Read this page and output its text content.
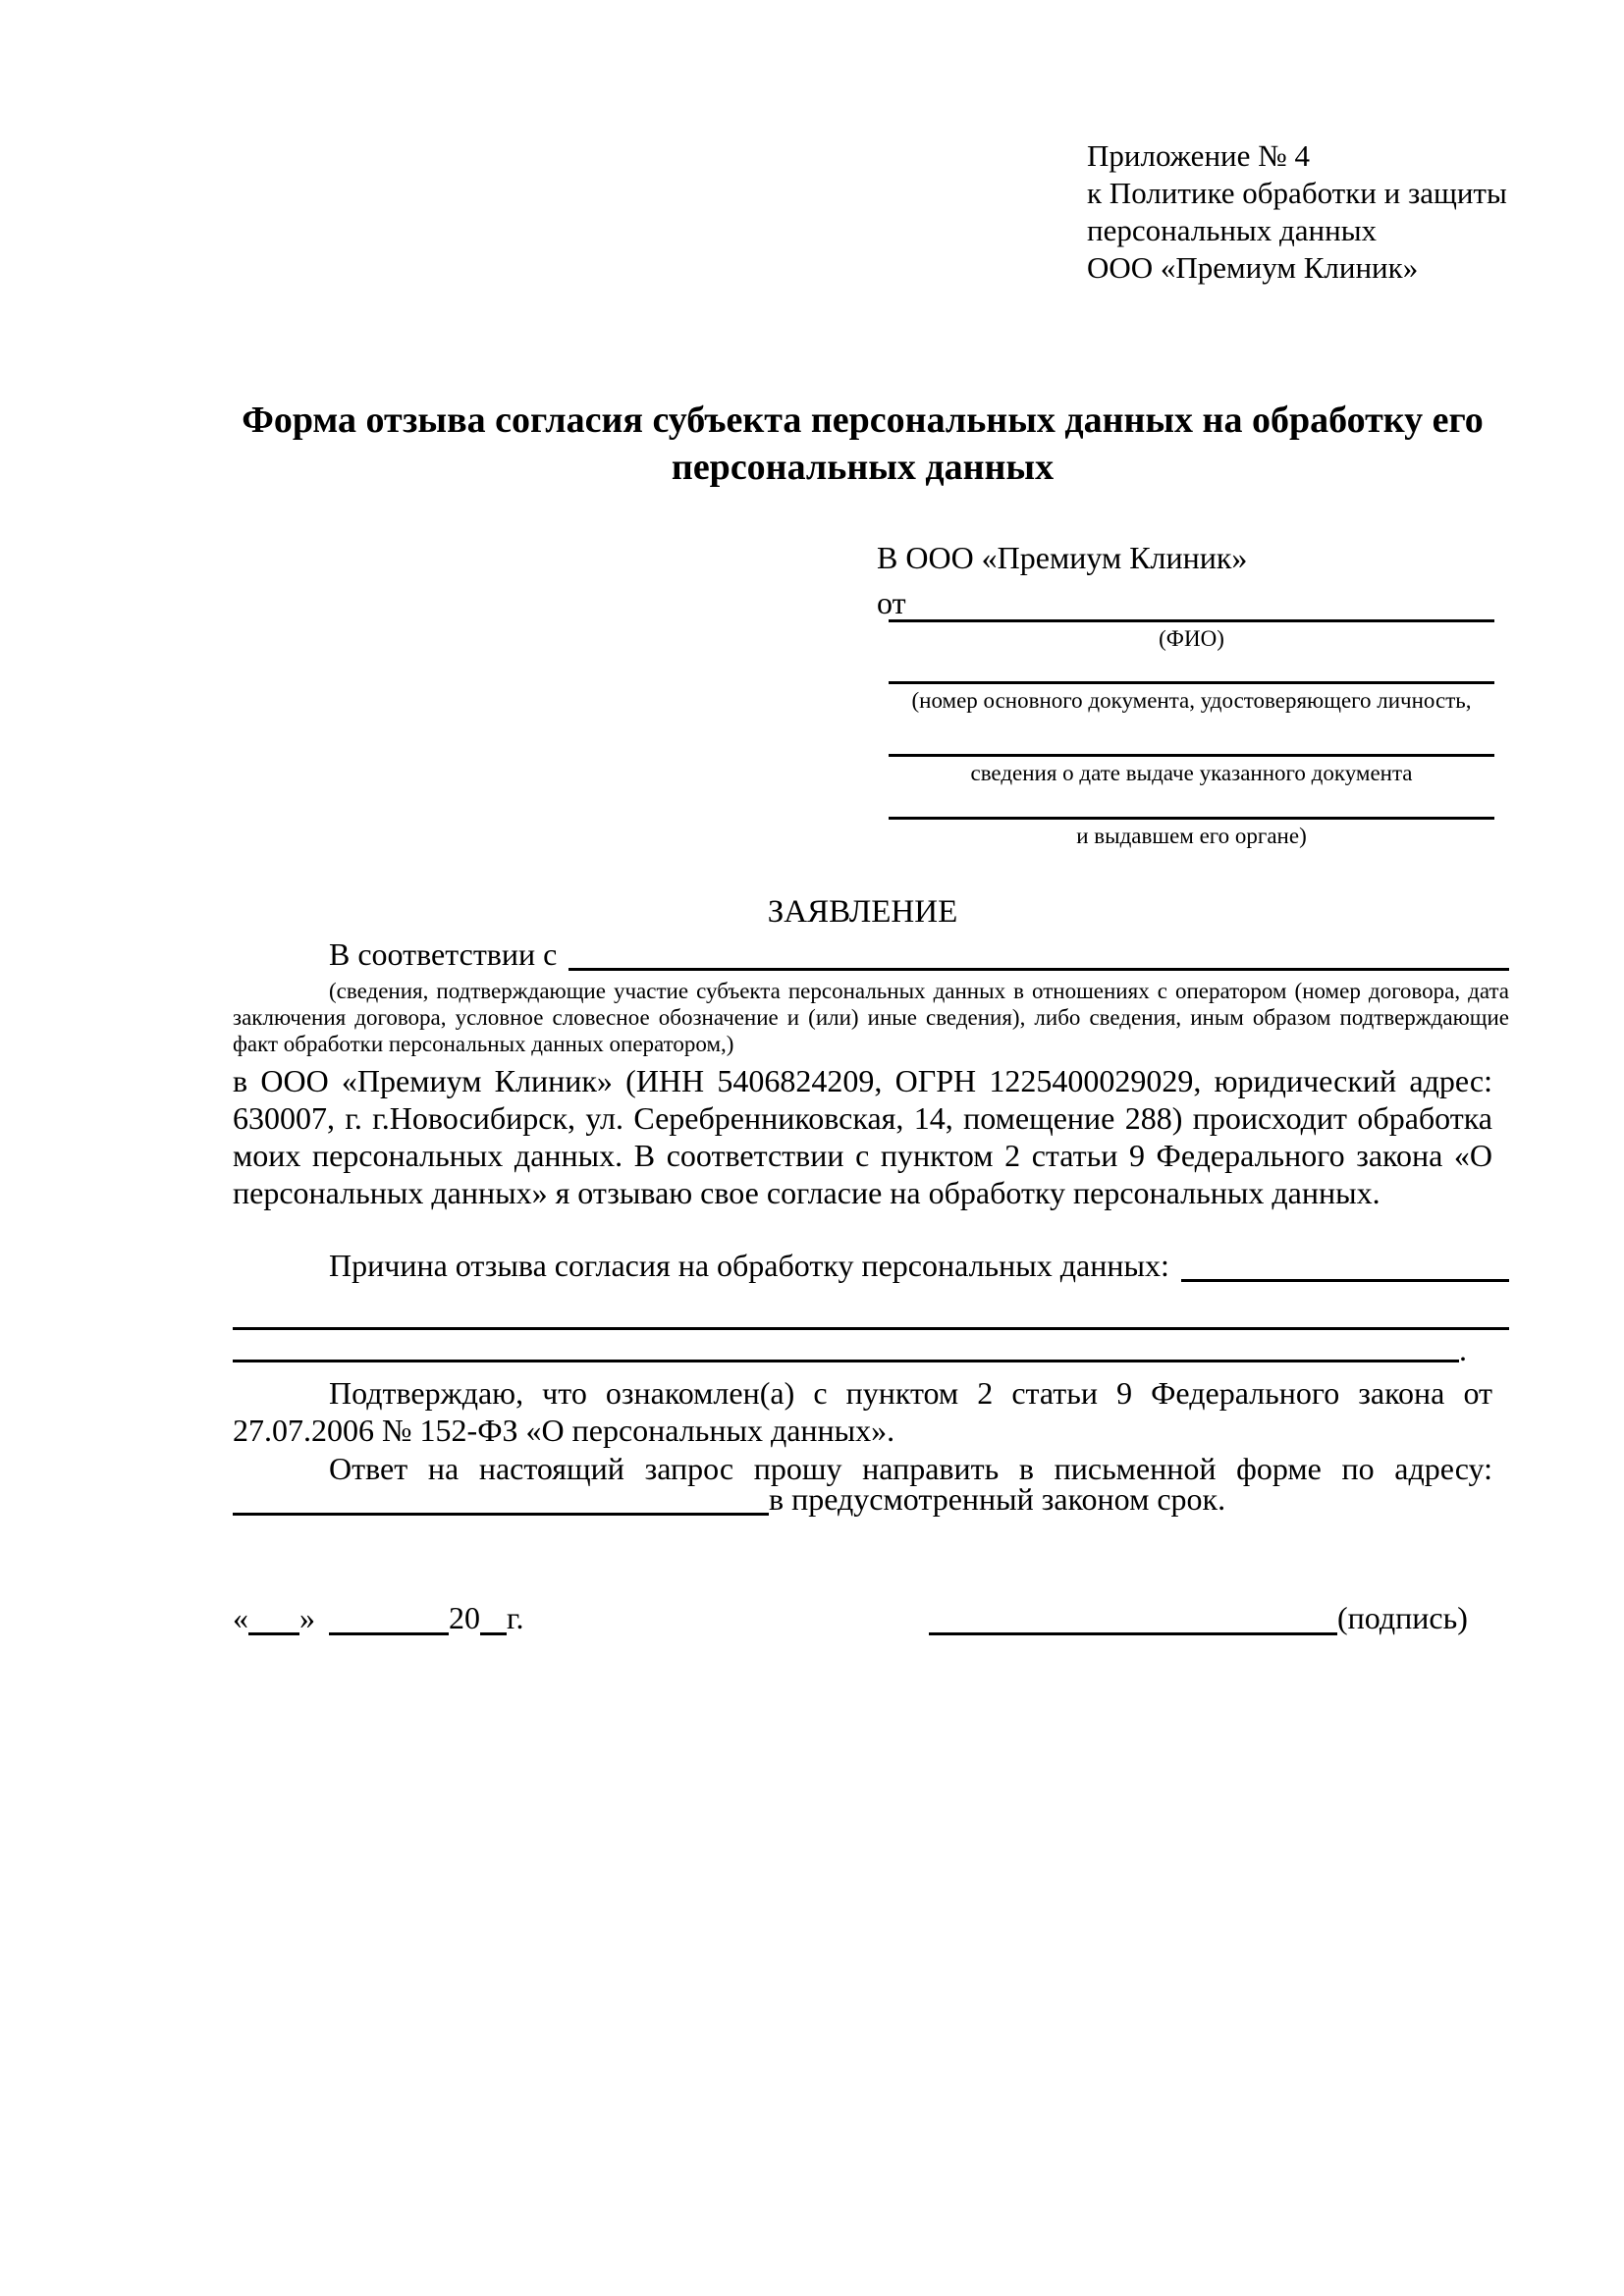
Приложение № 4
к Политике обработки и защиты
персональных данных
ООО «Премиум Клиник»
Форма отзыва согласия субъекта персональных данных на обработку его персональных данных
В ООО «Премиум Клиник»
от
(ФИО)
(номер основного документа, удостоверяющего личность,
сведения о дате выдаче указанного документа
и выдавшем его органе)
ЗАЯВЛЕНИЕ
В соответствии с
(сведения, подтверждающие участие субъекта персональных данных в отношениях с оператором (номер договора, дата заключения договора, условное словесное обозначение и (или) иные сведения), либо сведения, иным образом подтверждающие факт обработки персональных данных оператором,)
в ООО «Премиум Клиник» (ИНН 5406824209, ОГРН 1225400029029, юридический адрес: 630007, г. г.Новосибирск, ул. Серебренниковская, 14, помещение 288) происходит обработка моих персональных данных. В соответствии с пунктом 2 статьи 9 Федерального закона «О персональных данных» я отзываю свое согласие на обработку персональных данных.
Причина отзыва согласия на обработку персональных данных:
.
Подтверждаю, что ознакомлен(а) с пунктом 2 статьи 9 Федерального закона от 27.07.2006 № 152-ФЗ «О персональных данных».
Ответ на настоящий запрос прошу направить в письменной форме по адресу:
в предусмотренный законом срок.
« »	20 г.	(подпись)
